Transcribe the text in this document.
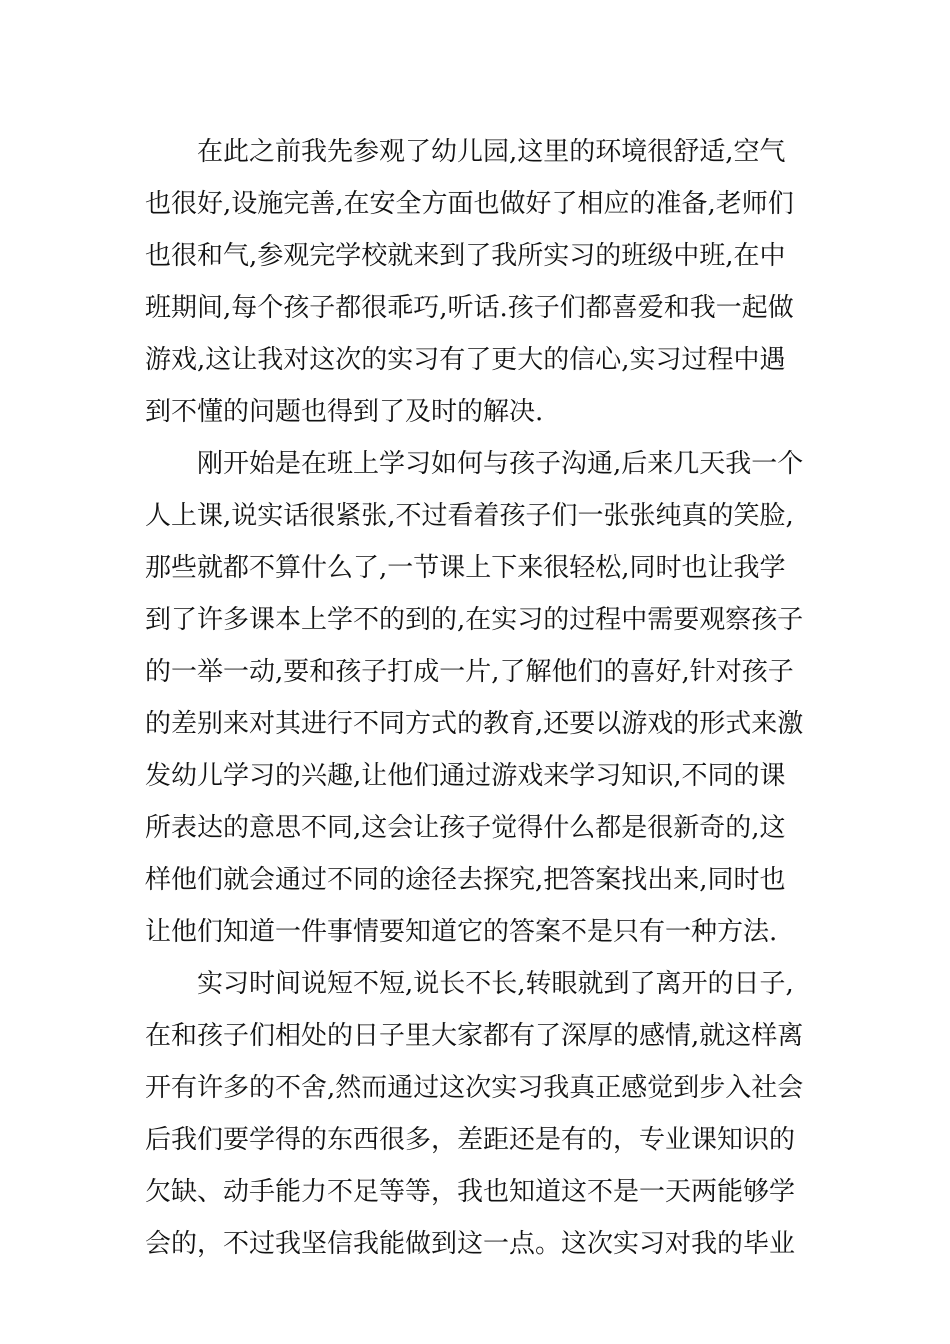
在此之前我先参观了幼儿园,这里的环境很舒适,空气
也很好,设施完善,在安全方面也做好了相应的准备,老师们
也很和气,参观完学校就来到了我所实习的班级中班,在中
班期间,每个孩子都很乖巧,听话.孩子们都喜爱和我一起做
游戏,这让我对这次的实习有了更大的信心,实习过程中遇
到不懂的问题也得到了及时的解决.
刚开始是在班上学习如何与孩子沟通,后来几天我一个
人上课,说实话很紧张,不过看着孩子们一张张纯真的笑脸,
那些就都不算什么了,一节课上下来很轻松,同时也让我学
到了许多课本上学不的到的,在实习的过程中需要观察孩子
的一举一动,要和孩子打成一片,了解他们的喜好,针对孩子
的差别来对其进行不同方式的教育,还要以游戏的形式来激
发幼儿学习的兴趣,让他们通过游戏来学习知识,不同的课
所表达的意思不同,这会让孩子觉得什么都是很新奇的,这
样他们就会通过不同的途径去探究,把答案找出来,同时也
让他们知道一件事情要知道它的答案不是只有一种方法.
实习时间说短不短,说长不长,转眼就到了离开的日子,
在和孩子们相处的日子里大家都有了深厚的感情,就这样离
开有许多的不舍,然而通过这次实习我真正感觉到步入社会
后我们要学得的东西很多，差距还是有的，专业课知识的
欠缺、动手能力不足等等，我也知道这不是一天两能够学
会的，不过我坚信我能做到这一点。这次实习对我的毕业
